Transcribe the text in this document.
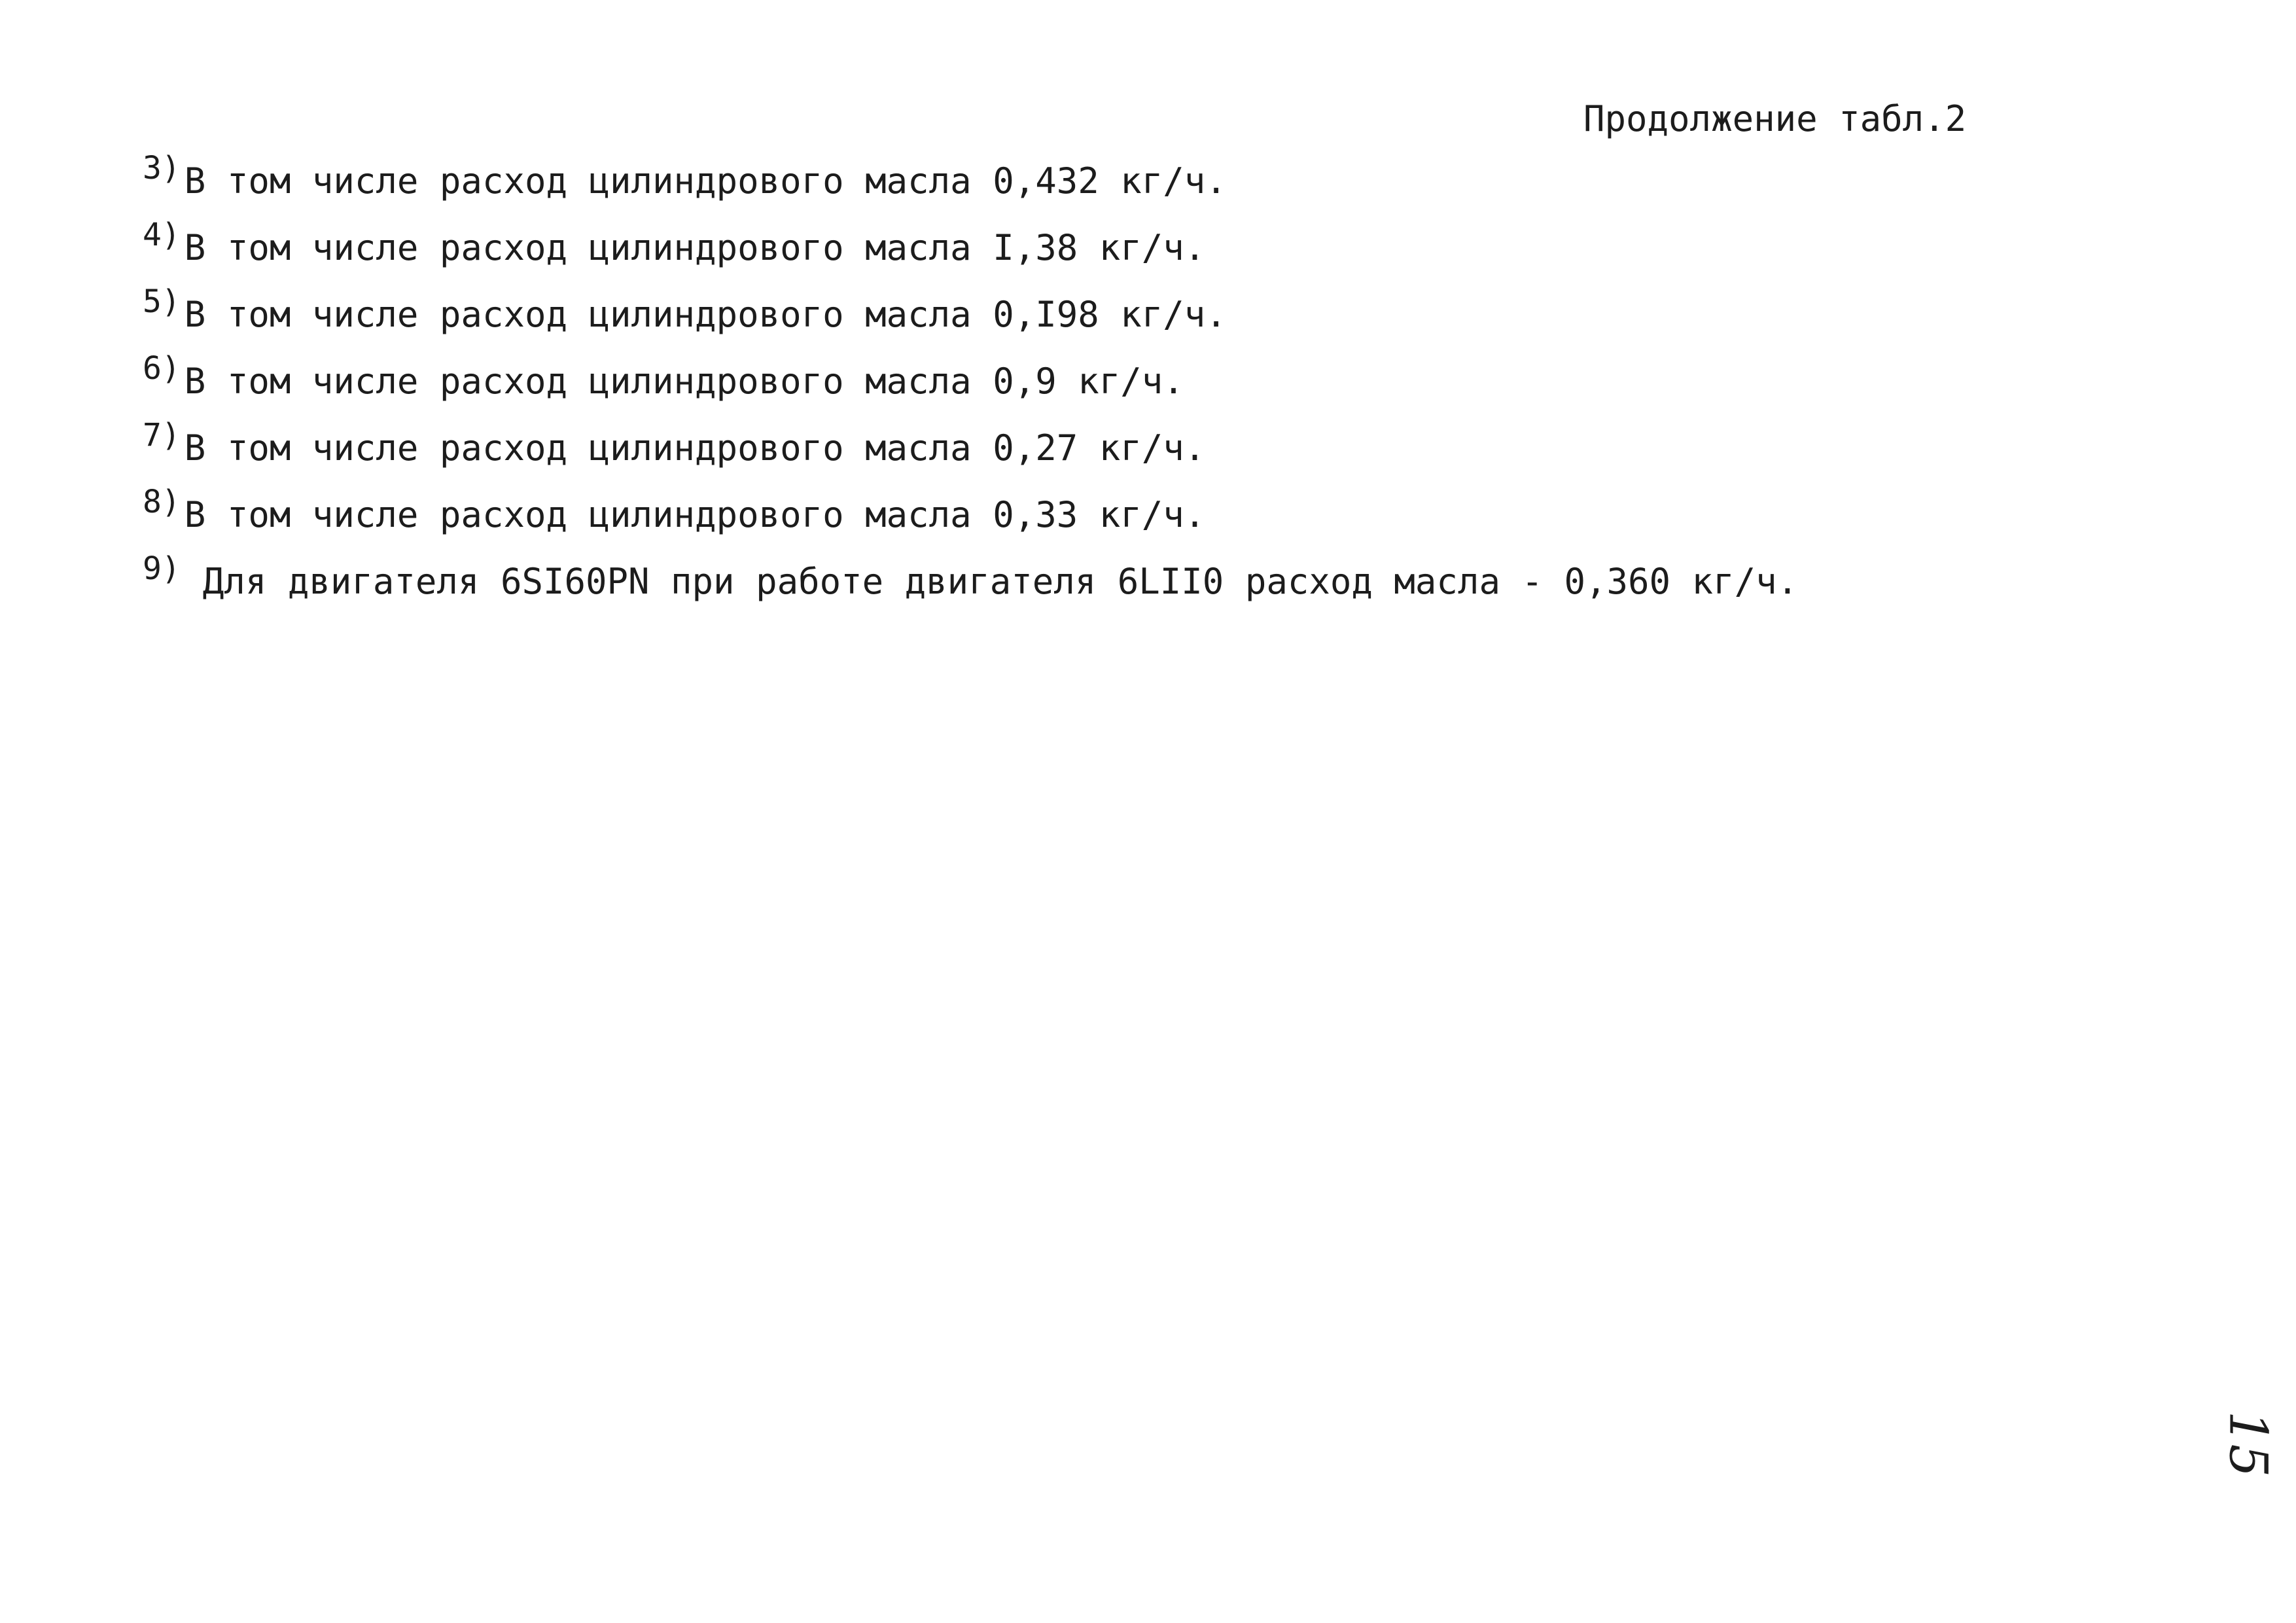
Продолжение табл.2
3) В том числе расход цилиндрового масла 0,432 кг/ч.
4) В том числе расход цилиндрового масла I,38 кг/ч.
5) В том числе расход цилиндрового масла 0,I98 кг/ч.
6) В том числе расход цилиндрового масла 0,9 кг/ч.
7) В том числе расход цилиндрового масла 0,27 кг/ч.
8) В том числе расход цилиндрового масла 0,33 кг/ч.
9) Для двигателя 6SI60PN при работе двигателя 6LII0 расход масла - 0,360 кг/ч.
15
